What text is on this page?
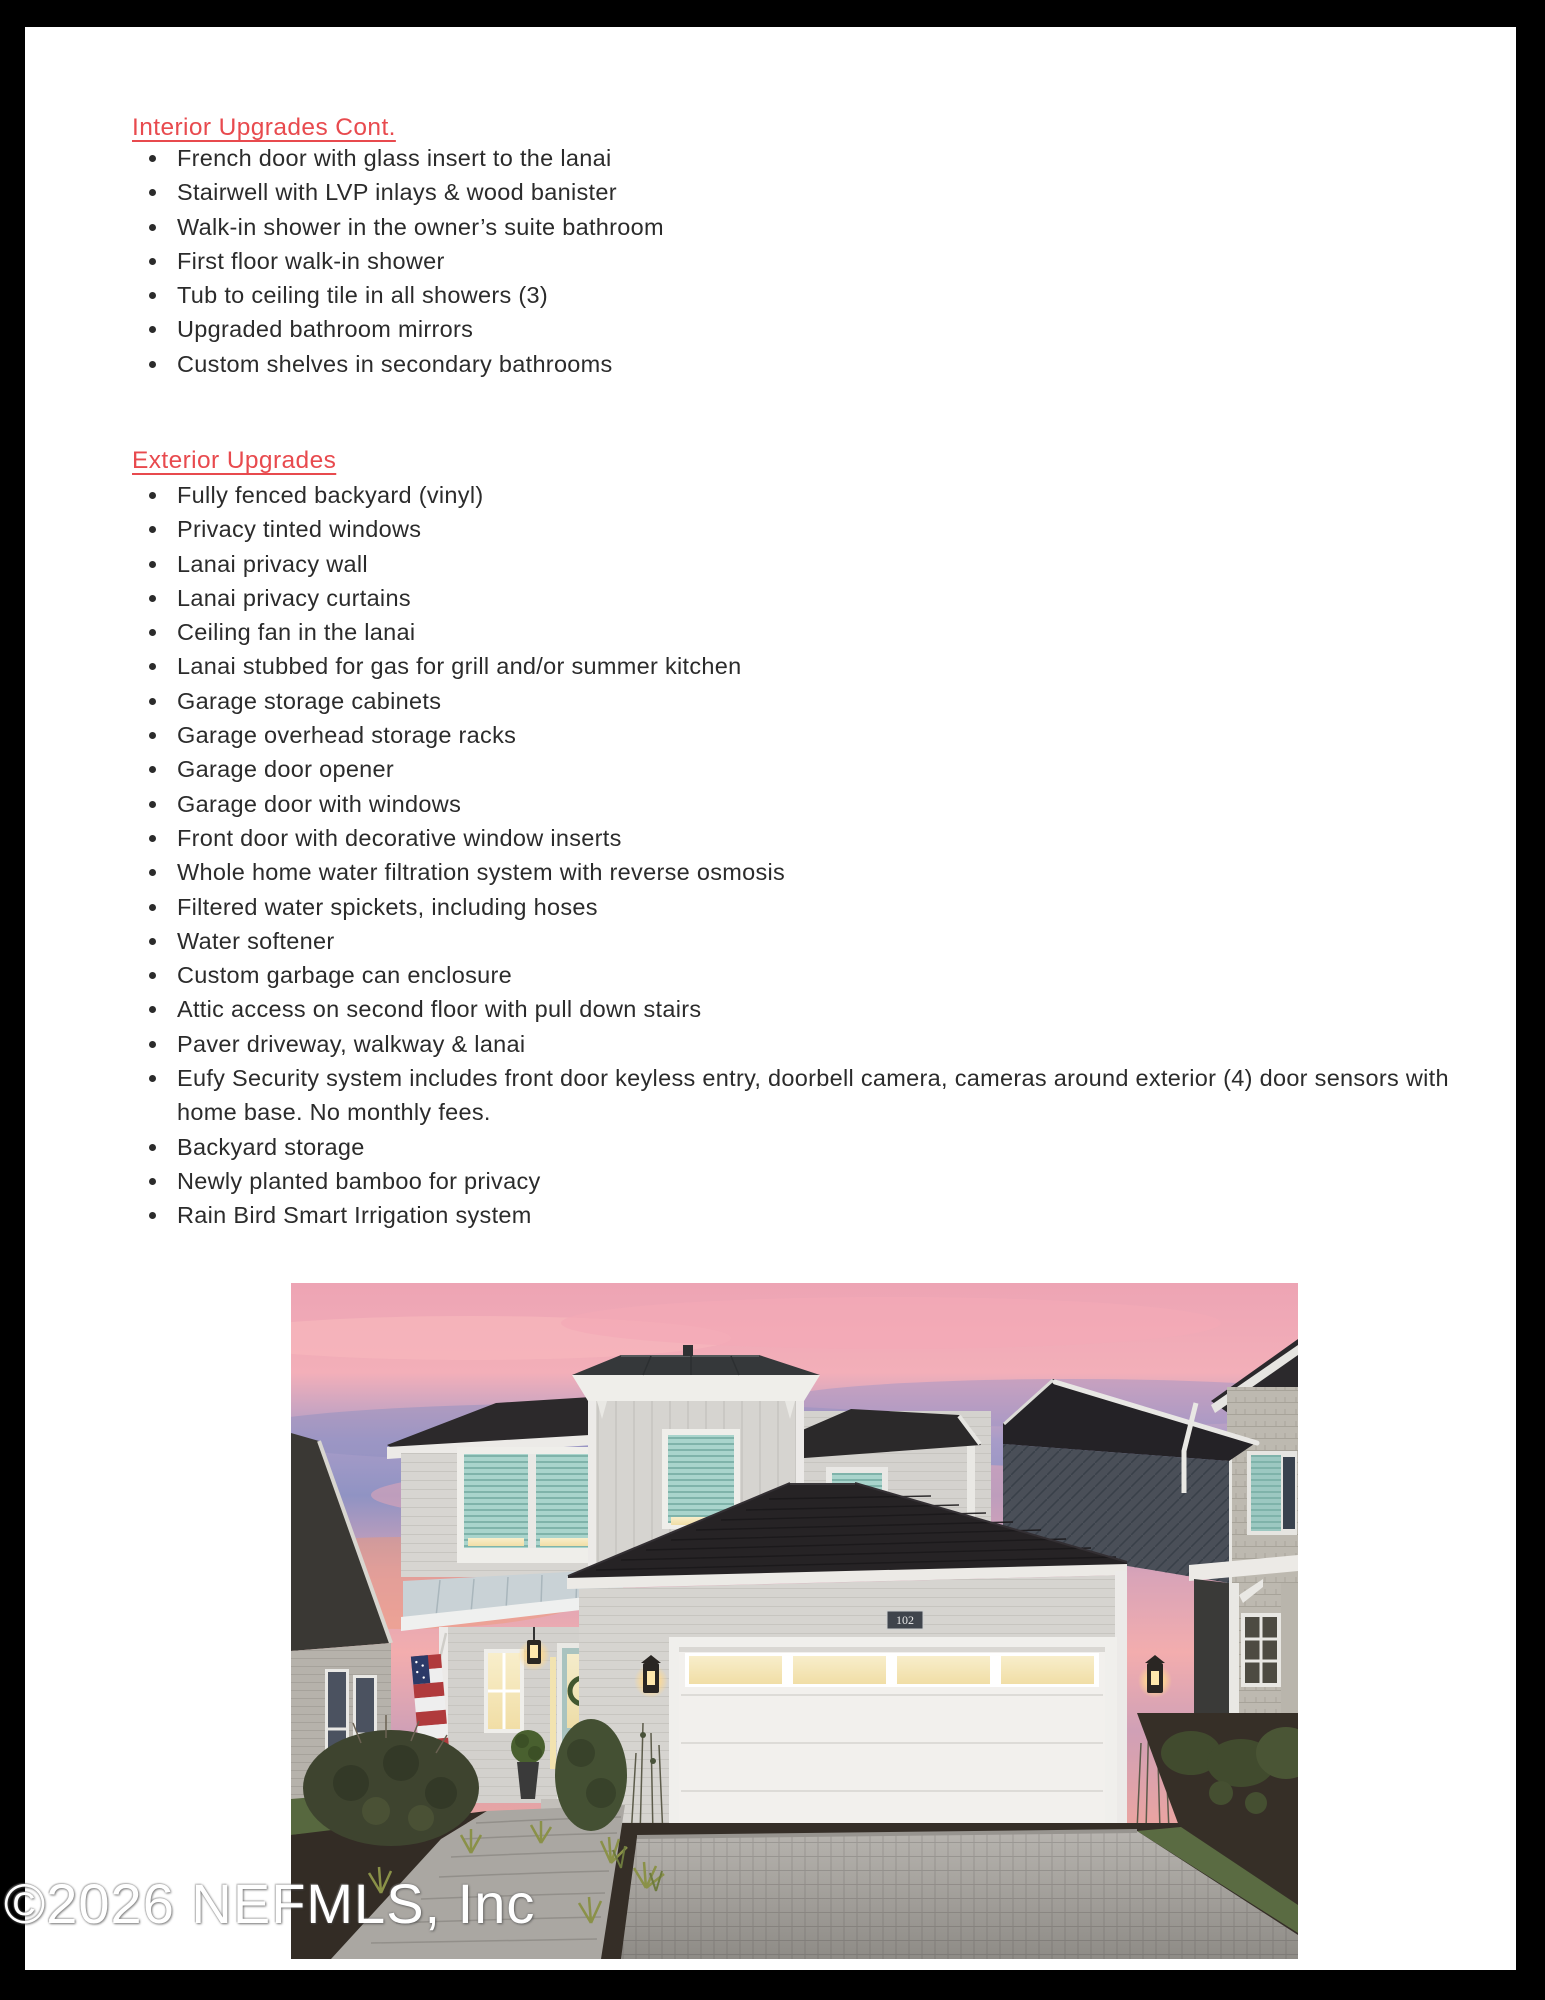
Interior Upgrades Cont.
French door with glass insert to the lanai
Stairwell with LVP inlays & wood banister
Walk-in shower in the owner’s suite bathroom
First floor walk-in shower
Tub to ceiling tile in all showers (3)
Upgraded bathroom mirrors
Custom shelves in secondary bathrooms
Exterior Upgrades
Fully fenced backyard (vinyl)
Privacy tinted windows
Lanai privacy wall
Lanai privacy curtains
Ceiling fan in the lanai
Lanai stubbed for gas for grill and/or summer kitchen
Garage storage cabinets
Garage overhead storage racks
Garage door opener
Garage door with windows
Front door with decorative window inserts
Whole home water filtration system with reverse osmosis
Filtered water spickets, including hoses
Water softener
Custom garbage can enclosure
Attic access on second floor with pull down stairs
Paver driveway, walkway & lanai
Eufy Security system includes front door keyless entry, doorbell camera, cameras around exterior (4) door sensors with home base. No monthly fees.
Backyard storage
Newly planted bamboo for privacy
Rain Bird Smart Irrigation system
102
©2026 NEFMLS, Inc
